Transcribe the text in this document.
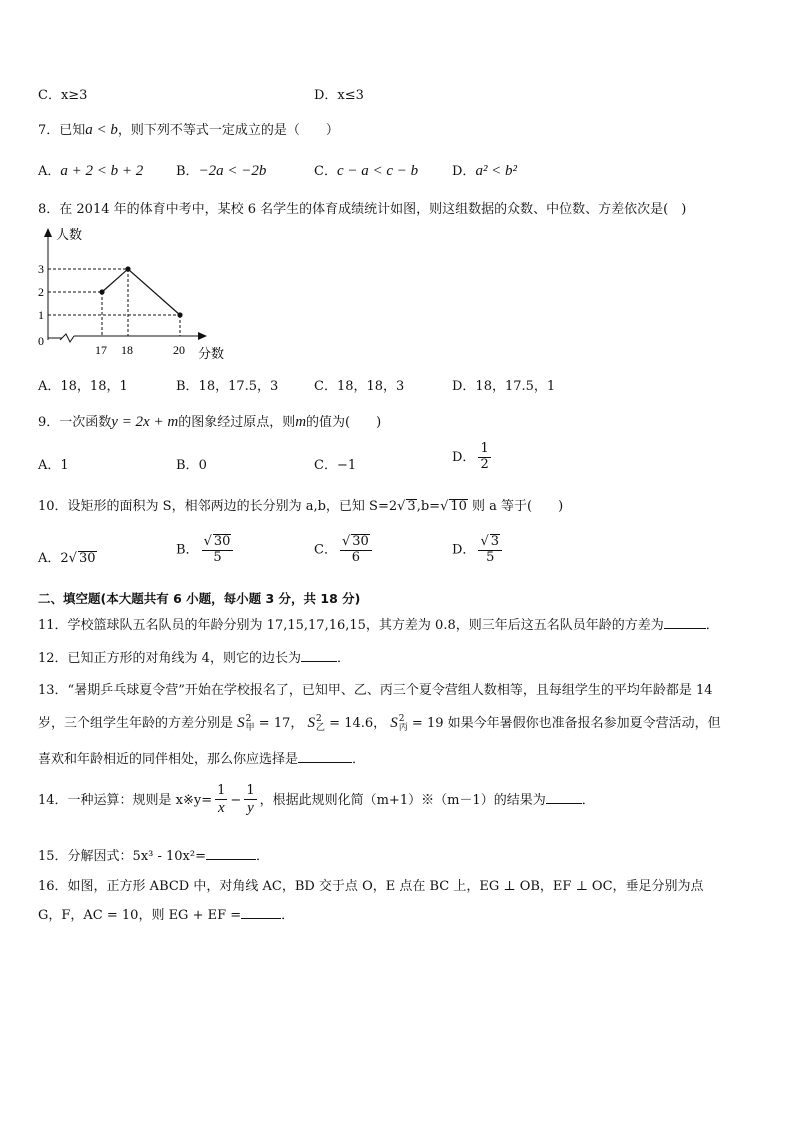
C．x≥3	D．x≤3
7．已知a < b，则下列不等式一定成立的是（　　）
A．a + 2 < b + 2	B．−2a < −2b	C．c − a < c − b	D．a² < b²
8．在 2014 年的体育中考中，某校 6 名学生的体育成绩统计如图，则这组数据的众数、中位数、方差依次是(　)
人数
分数
0
1
2
3
17 18	20
A．18，18，1	B．18，17.5，3	C．18，18，3	D．18，17.5，1
9．一次函数y = 2x + m的图象经过原点，则m的值为(　　)
A．1	B．0	C．−1
D． $\frac{1}{2}$
10．设矩形的面积为 S，相邻两边的长分别为 a,b，已知 S=2√ 3,b=√ 10 则 a 等于(　　)
A．2√ 30
B． $\frac{√ 30}{5}$	C． $\frac{√ 30}{6}$	D． $\frac{√ 3}{5}$
二、填空题(本大题共有 6 小题，每小题 3 分，共 18 分)
11．学校篮球队五名队员的年龄分别为 17,15,17,16,15，其方差为 0.8，则三年后这五名队员年龄的方差为	．
12．已知正方形的对角线为 4，则它的边长为	．
13．“暑期乒乓球夏令营”开始在学校报名了，已知甲、乙、丙三个夏令营组人数相等，且每组学生的平均年龄都是 14
岁，三个组学生年龄的方差分别是 S 2
甲 = 17， S 2
乙 = 14.6， S 2
丙 = 19 如果今年暑假你也准备报名参加夏令营活动，但
喜欢和年龄相近的同伴相处，那么你应选择是	．
14．一种运算：规则是 x※y= $\frac{1}{x} - \frac{1}{y}$ ，根据此规则化简（m+1）※（m－1）的结果为	．
15．分解因式：5x³ - 10x²=	．
16．如图，正方形 ABCD 中，对角线 AC，BD 交于点 O，E 点在 BC 上，EG ⊥ OB，EF ⊥ OC，垂足分别为点
G，F，AC = 10，则 EG + EF =	．
